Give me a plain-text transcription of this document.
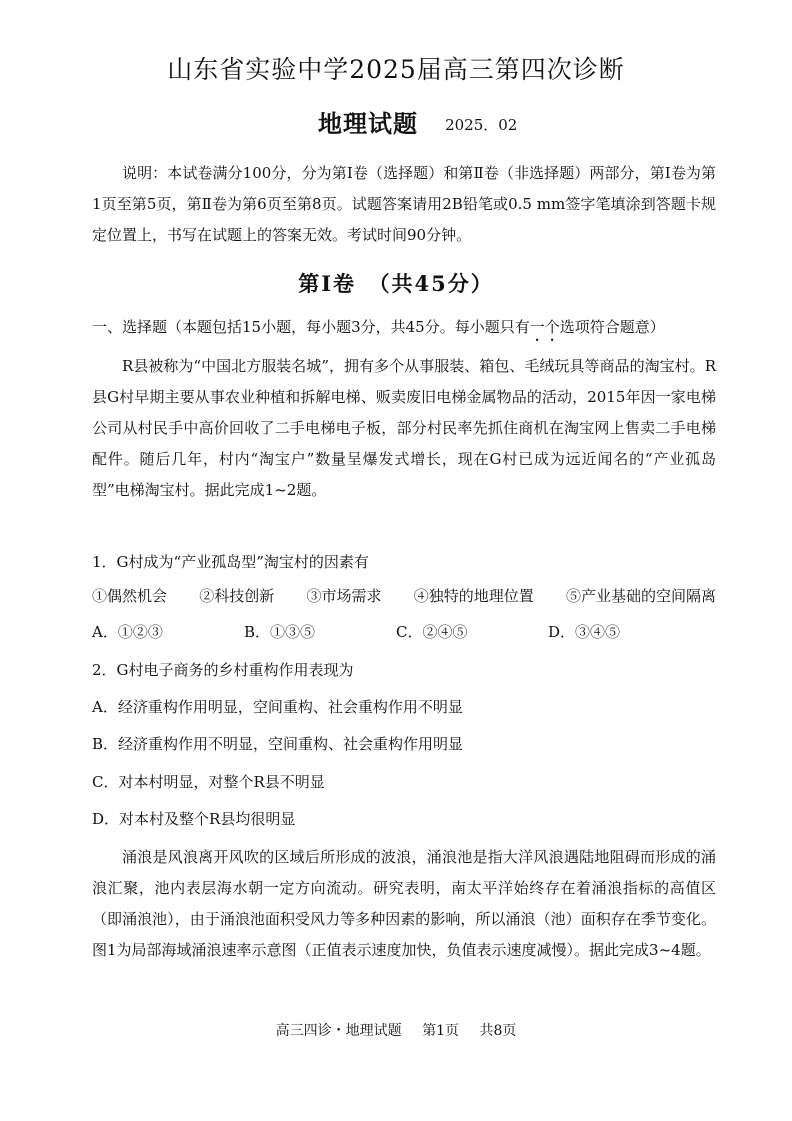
山东省实验中学2025届高三第四次诊断
地理试题 2025．02
说明：本试卷满分100分，分为第Ⅰ卷（选择题）和第Ⅱ卷（非选择题）两部分，第Ⅰ卷为第1页至第5页，第Ⅱ卷为第6页至第8页。试题答案请用2B铅笔或0.5 mm签字笔填涂到答题卡规定位置上，书写在试题上的答案无效。考试时间90分钟。
第Ⅰ卷　（共45分）
一、选择题（本题包括15小题，每小题3分，共45分。每小题只有一个选项符合题意）
R县被称为“中国北方服装名城”，拥有多个从事服装、箱包、毛绒玩具等商品的淘宝村。R县G村早期主要从事农业种植和拆解电梯、贩卖废旧电梯金属物品的活动，2015年因一家电梯公司从村民手中高价回收了二手电梯电子板，部分村民率先抓住商机在淘宝网上售卖二手电梯配件。随后几年，村内“淘宝户”数量呈爆发式增长，现在G村已成为远近闻名的“产业孤岛型”电梯淘宝村。据此完成1~2题。
1．G村成为“产业孤岛型”淘宝村的因素有
①偶然机会 ②科技创新 ③市场需求 ④独特的地理位置 ⑤产业基础的空间隔离
A．①②③	B．①③⑤	C．②④⑤	D．③④⑤
2．G村电子商务的乡村重构作用表现为
A．经济重构作用明显，空间重构、社会重构作用不明显
B．经济重构作用不明显，空间重构、社会重构作用明显
C．对本村明显，对整个R县不明显
D．对本村及整个R县均很明显
涌浪是风浪离开风吹的区域后所形成的波浪，涌浪池是指大洋风浪遇陆地阻碍而形成的涌浪汇聚，池内表层海水朝一定方向流动。研究表明，南太平洋始终存在着涌浪指标的高值区（即涌浪池），由于涌浪池面积受风力等多种因素的影响，所以涌浪（池）面积存在季节变化。图1为局部海域涌浪速率示意图（正值表示速度加快，负值表示速度减慢）。据此完成3~4题。
高三四诊・地理试题 第1页 共8页
